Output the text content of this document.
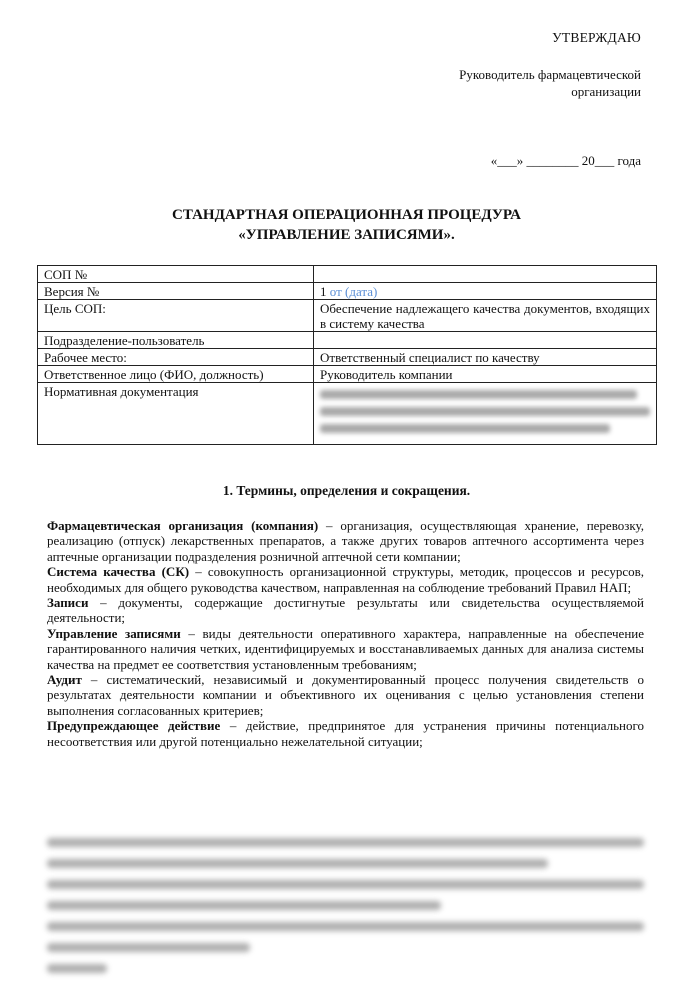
УТВЕРЖДАЮ
Руководитель фармацевтической
организации
«___» ________ 20___ года
СТАНДАРТНАЯ ОПЕРАЦИОННАЯ ПРОЦЕДУРА
«УПРАВЛЕНИЕ ЗАПИСЯМИ».
СОП №	
Версия №	1 от (дата)
Цель СОП:	Обеспечение надлежащего качества документов, входящих в систему качества
Подразделение-пользователь	
Рабочее место:	Ответственный специалист по качеству
Ответственное лицо (ФИО, должность)	Руководитель компании
Нормативная документация	
1. Термины, определения и сокращения.

Фармацевтическая организация (компания) – организация, осуществляющая хранение, перевозку, реализацию (отпуск) лекарственных препаратов, а также других товаров аптечного ассортимента через аптечные организации подразделения розничной аптечной сети компании;

Система качества (СК) – совокупность организационной структуры, методик, процессов и ресурсов, необходимых для общего руководства качеством, направленная на соблюдение требований Правил НАП;

Записи – документы, содержащие достигнутые результаты или свидетельства осуществляемой деятельности;

Управление записями – виды деятельности оперативного характера, направленные на обеспечение гарантированного наличия четких, идентифицируемых и восстанавливаемых данных для анализа системы качества на предмет ее соответствия установленным требованиям;

Аудит – систематический, независимый и документированный процесс получения свидетельств о результатах деятельности компании и объективного их оценивания с целью установления степени выполнения согласованных критериев;

Предупреждающее действие – действие, предпринятое для устранения причины потенциального несоответствия или другой потенциально нежелательной ситуации;
